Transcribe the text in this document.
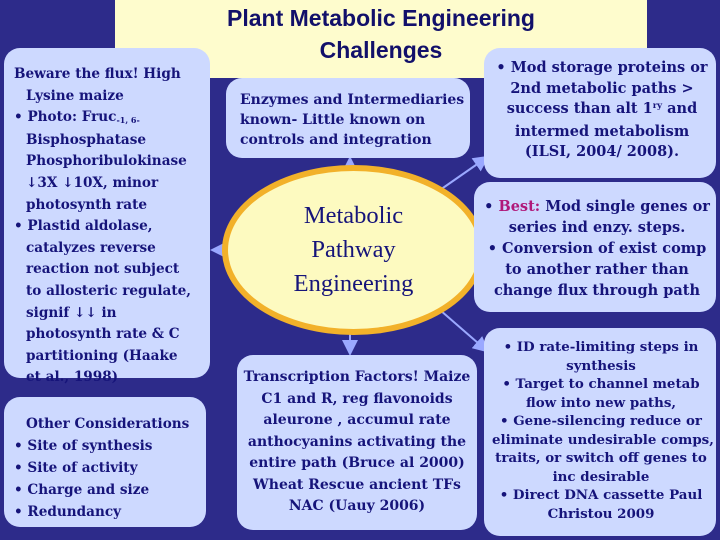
Plant Metabolic Engineering
Challenges
Beware the flux! High
Lysine maize
• Photo: Fruc-1, 6-
Bisphosphatase
Phosphoribulokinase
↓3X ↓10X, minor
photosynth rate
• Plastid aldolase,
catalyzes reverse
reaction not subject
to allosteric regulate,
signif ↓↓ in
photosynth rate & C
partitioning (Haake
et al., 1998)
Other Considerations
• Site of synthesis
• Site of activity
• Charge and size
• Redundancy
Enzymes and Intermediaries
known- Little known on
controls and integration
Metabolic
Pathway
Engineering
Transcription Factors! Maize
C1 and R, reg flavonoids
aleurone , accumul rate
anthocyanins activating the
entire path (Bruce al 2000)
Wheat Rescue ancient TFs
NAC (Uauy 2006)
• Mod storage proteins or
2nd metabolic paths >
success than alt $1^{ry}$ and
intermed metabolism
(ILSI, 2004/ 2008).
• Best: Mod single genes or
series ind enzy. steps.
• Conversion of exist comp
to another rather than
change flux through path
• ID rate-limiting steps in
synthesis
• Target to channel metab
flow into new paths,
• Gene-silencing reduce or
eliminate undesirable comps,
traits, or switch off genes to
inc desirable
• Direct DNA cassette Paul
Christou 2009
